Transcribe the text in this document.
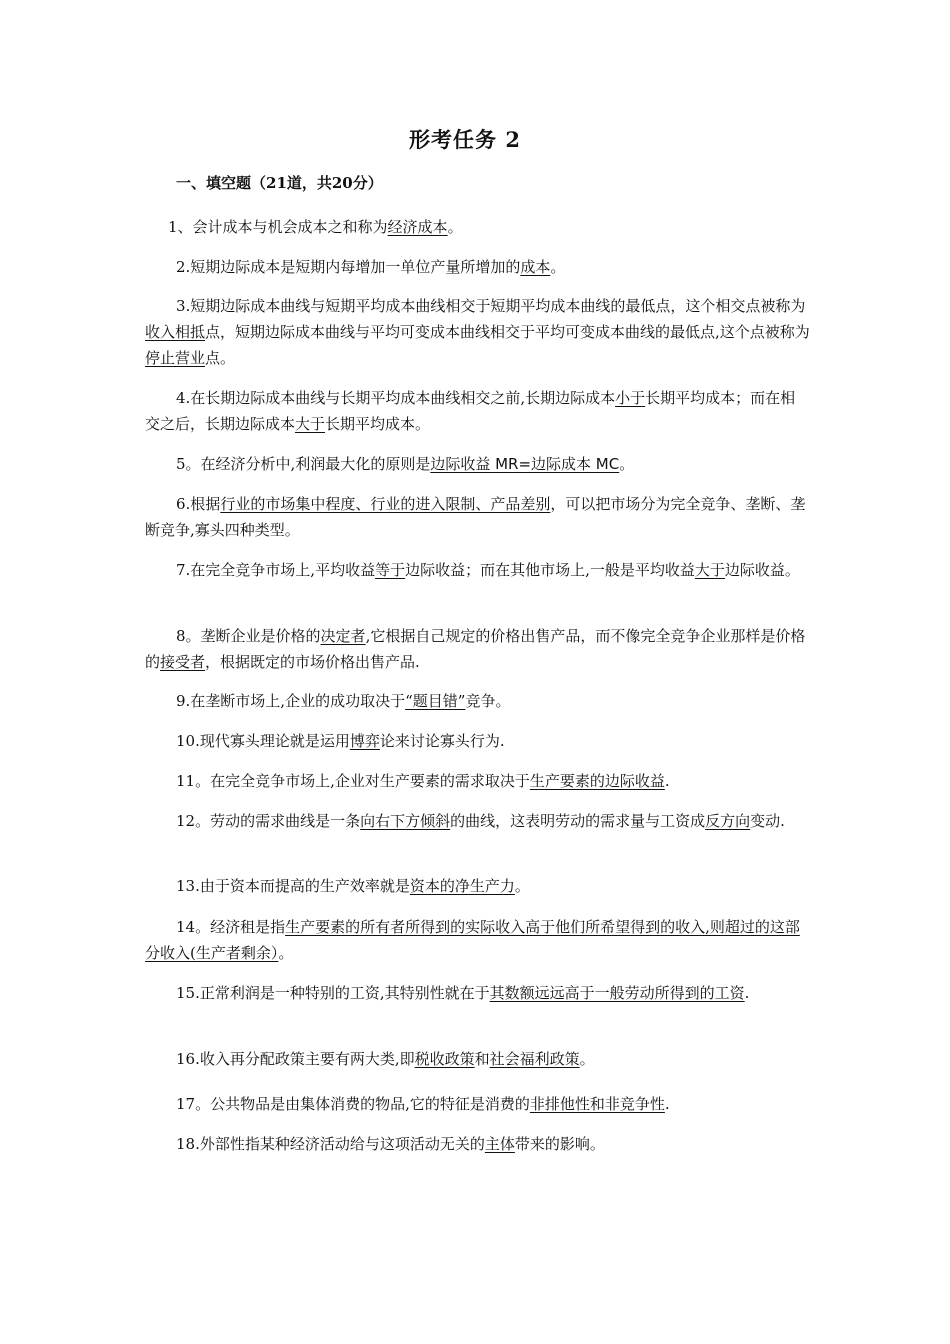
形考任务 2
一、填空题（21道，共20分）
1、会计成本与机会成本之和称为经济成本。
2.短期边际成本是短期内每增加一单位产量所增加的成本。
3.短期边际成本曲线与短期平均成本曲线相交于短期平均成本曲线的最低点，这个相交点被称为收入相抵点，短期边际成本曲线与平均可变成本曲线相交于平均可变成本曲线的最低点,这个点被称为停止营业点。
4.在长期边际成本曲线与长期平均成本曲线相交之前,长期边际成本小于长期平均成本；而在相交之后，长期边际成本大于长期平均成本。
5。在经济分析中,利润最大化的原则是边际收益 MR=边际成本 MC。
6.根据行业的市场集中程度、行业的进入限制、产品差别，可以把市场分为完全竞争、垄断、垄断竞争,寡头四种类型。
7.在完全竞争市场上,平均收益等于边际收益；而在其他市场上,一般是平均收益大于边际收益。
8。垄断企业是价格的决定者,它根据自己规定的价格出售产品，而不像完全竞争企业那样是价格的接受者，根据既定的市场价格出售产品.
9.在垄断市场上,企业的成功取决于“题目错”竞争。
10.现代寡头理论就是运用博弈论来讨论寡头行为.
11。在完全竞争市场上,企业对生产要素的需求取决于生产要素的边际收益.
12。劳动的需求曲线是一条向右下方倾斜的曲线，这表明劳动的需求量与工资成反方向变动.
13.由于资本而提高的生产效率就是资本的净生产力。
14。经济租是指生产要素的所有者所得到的实际收入高于他们所希望得到的收入,则超过的这部分收入(生产者剩余）。
15.正常利润是一种特别的工资,其特别性就在于其数额远远高于一般劳动所得到的工资.
16.收入再分配政策主要有两大类,即税收政策和社会福利政策。
17。公共物品是由集体消费的物品,它的特征是消费的非排他性和非竞争性.
18.外部性指某种经济活动给与这项活动无关的主体带来的影响。
